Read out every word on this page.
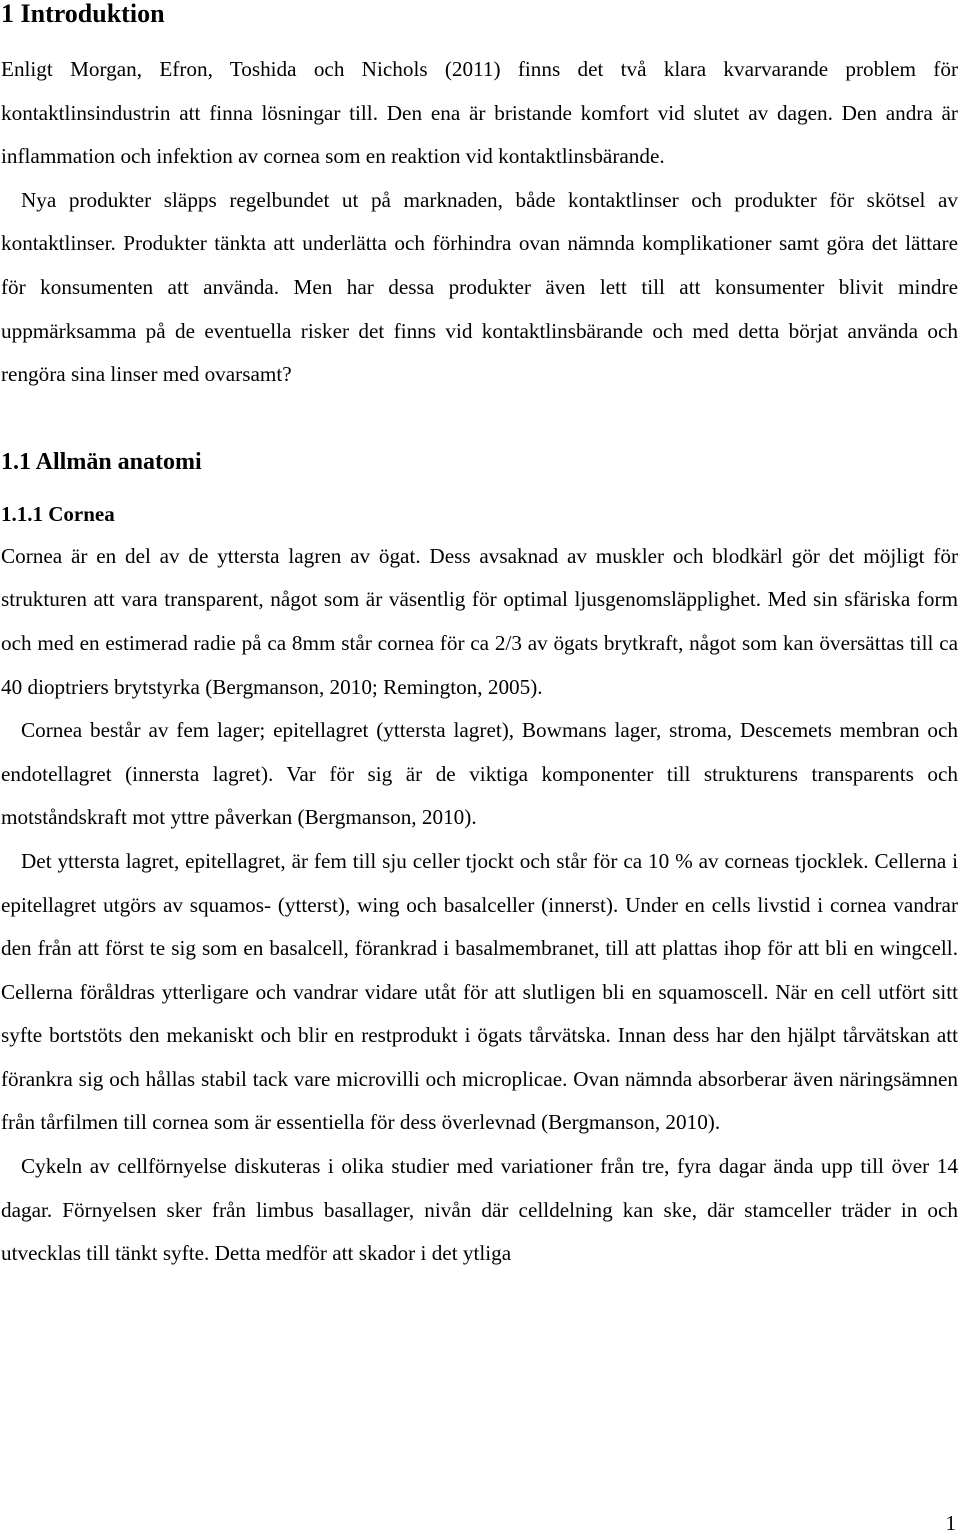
1 Introduktion

Enligt Morgan, Efron, Toshida och Nichols (2011) finns det två klara kvarvarande problem för kontaktlinsindustrin att finna lösningar till. Den ena är bristande komfort vid slutet av dagen. Den andra är inflammation och infektion av cornea som en reaktion vid kontaktlinsbärande.

Nya produkter släpps regelbundet ut på marknaden, både kontaktlinser och produkter för skötsel av kontaktlinser. Produkter tänkta att underlätta och förhindra ovan nämnda komplikationer samt göra det lättare för konsumenten att använda. Men har dessa produkter även lett till att konsumenter blivit mindre uppmärksamma på de eventuella risker det finns vid kontaktlinsbärande och med detta börjat använda och rengöra sina linser med ovarsamt?

1.1 Allmän anatomi
1.1.1 Cornea

Cornea är en del av de yttersta lagren av ögat. Dess avsaknad av muskler och blodkärl gör det möjligt för strukturen att vara transparent, något som är väsentlig för optimal ljusgenomsläpplighet. Med sin sfäriska form och med en estimerad radie på ca 8mm står cornea för ca 2/3 av ögats brytkraft, något som kan översättas till ca 40 dioptriers brytstyrka (Bergmanson, 2010; Remington, 2005).

Cornea består av fem lager; epitellagret (yttersta lagret), Bowmans lager, stroma, Descemets membran och endotellagret (innersta lagret). Var för sig är de viktiga komponenter till strukturens transparents och motståndskraft mot yttre påverkan (Bergmanson, 2010).

Det yttersta lagret, epitellagret, är fem till sju celler tjockt och står för ca 10 % av corneas tjocklek. Cellerna i epitellagret utgörs av squamos- (ytterst), wing och basalceller (innerst). Under en cells livstid i cornea vandrar den från att först te sig som en basalcell, förankrad i basalmembranet, till att plattas ihop för att bli en wingcell. Cellerna föråldras ytterligare och vandrar vidare utåt för att slutligen bli en squamoscell. När en cell utfört sitt syfte bortstöts den mekaniskt och blir en restprodukt i ögats tårvätska. Innan dess har den hjälpt tårvätskan att förankra sig och hållas stabil tack vare microvilli och microplicae. Ovan nämnda absorberar även näringsämnen från tårfilmen till cornea som är essentiella för dess överlevnad (Bergmanson, 2010).

Cykeln av cellförnyelse diskuteras i olika studier med variationer från tre, fyra dagar ända upp till över 14 dagar. Förnyelsen sker från limbus basallager, nivån där celldelning kan ske, där stamceller träder in och utvecklas till tänkt syfte. Detta medför att skador i det ytliga

1
